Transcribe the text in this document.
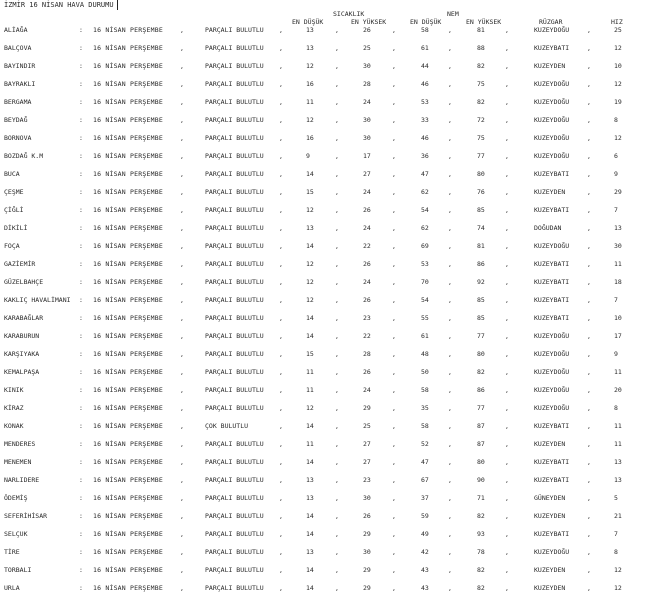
İZMİR 16 NİSAN HAVA DURUMU
SICAKLIK	NEM
EN DÜŞÜK	EN YÜKSEK	EN DÜŞÜK	EN YÜKSEK	RÜZGAR	HIZ
ALİAĞA	: 16 NİSAN PERŞEMBE	,	PARÇALI BULUTLU ,	13	,	26	,	58	,	81	,	KUZEYDOĞU	,	25
BALÇOVA	: 16 NİSAN PERŞEMBE	,	PARÇALI BULUTLU ,	13	,	25	,	61	,	88	,	KUZEYBATI	,	12
BAYINDIR	: 16 NİSAN PERŞEMBE	,	PARÇALI BULUTLU ,	12	,	30	,	44	,	82	,	KUZEYDEN	,	10
BAYRAKLI	: 16 NİSAN PERŞEMBE	,	PARÇALI BULUTLU ,	16	,	28	,	46	,	75	,	KUZEYDOĞU	,	12
BERGAMA	: 16 NİSAN PERŞEMBE	,	PARÇALI BULUTLU ,	11	,	24	,	53	,	82	,	KUZEYDOĞU	,	19
BEYDAĞ	: 16 NİSAN PERŞEMBE	,	PARÇALI BULUTLU ,	12	,	30	,	33	,	72	,	KUZEYDOĞU	,	8
BORNOVA	: 16 NİSAN PERŞEMBE	,	PARÇALI BULUTLU ,	16	,	30	,	46	,	75	,	KUZEYDOĞU	,	12
BOZDAĞ K.M	: 16 NİSAN PERŞEMBE	,	PARÇALI BULUTLU ,	9	,	17	,	36	,	77	,	KUZEYDOĞU	,	6
BUCA	: 16 NİSAN PERŞEMBE	,	PARÇALI BULUTLU ,	14	,	27	,	47	,	80	,	KUZEYBATI	,	9
ÇEŞME	: 16 NİSAN PERŞEMBE	,	PARÇALI BULUTLU ,	15	,	24	,	62	,	76	,	KUZEYDEN	,	29
ÇİĞLİ	: 16 NİSAN PERŞEMBE	,	PARÇALI BULUTLU ,	12	,	26	,	54	,	85	,	KUZEYBATI	,	7
DİKİLİ	: 16 NİSAN PERŞEMBE	,	PARÇALI BULUTLU ,	13	,	24	,	62	,	74	,	DOĞUDAN	,	13
FOÇA	: 16 NİSAN PERŞEMBE	,	PARÇALI BULUTLU ,	14	,	22	,	69	,	81	,	KUZEYDOĞU	,	30
GAZİEMİR	: 16 NİSAN PERŞEMBE	,	PARÇALI BULUTLU ,	12	,	26	,	53	,	86	,	KUZEYBATI	,	11
GÜZELBAHÇE	: 16 NİSAN PERŞEMBE	,	PARÇALI BULUTLU ,	12	,	24	,	70	,	92	,	KUZEYBATI	,	18
KAKLIÇ HAVALİMANI : 16 NİSAN PERŞEMBE	,	PARÇALI BULUTLU ,	12	,	26	,	54	,	85	,	KUZEYBATI	,	7
KARABAĞLAR	: 16 NİSAN PERŞEMBE	,	PARÇALI BULUTLU ,	14	,	23	,	55	,	85	,	KUZEYBATI	,	10
KARABURUN	: 16 NİSAN PERŞEMBE	,	PARÇALI BULUTLU ,	14	,	22	,	61	,	77	,	KUZEYDOĞU	,	17
KARŞIYAKA	: 16 NİSAN PERŞEMBE	,	PARÇALI BULUTLU ,	15	,	28	,	48	,	80	,	KUZEYDOĞU	,	9
KEMALPAŞA	: 16 NİSAN PERŞEMBE	,	PARÇALI BULUTLU ,	11	,	26	,	50	,	82	,	KUZEYDOĞU	,	11
KINIK	: 16 NİSAN PERŞEMBE	,	PARÇALI BULUTLU ,	11	,	24	,	58	,	86	,	KUZEYDOĞU	,	20
KİRAZ	: 16 NİSAN PERŞEMBE	,	PARÇALI BULUTLU ,	12	,	29	,	35	,	77	,	KUZEYDOĞU	,	8
KONAK	: 16 NİSAN PERŞEMBE	,	ÇOK BULUTLU	,	14	,	25	,	58	,	87	,	KUZEYBATI	,	11
MENDERES	: 16 NİSAN PERŞEMBE	,	PARÇALI BULUTLU ,	11	,	27	,	52	,	87	,	KUZEYDEN	,	11
MENEMEN	: 16 NİSAN PERŞEMBE	,	PARÇALI BULUTLU ,	14	,	27	,	47	,	80	,	KUZEYBATI	,	13
NARLIDERE	: 16 NİSAN PERŞEMBE	,	PARÇALI BULUTLU ,	13	,	23	,	67	,	90	,	KUZEYBATI	,	13
ÖDEMİŞ	: 16 NİSAN PERŞEMBE	,	PARÇALI BULUTLU ,	13	,	30	,	37	,	71	,	GÜNEYDEN	,	5
SEFERİHİSAR	: 16 NİSAN PERŞEMBE	,	PARÇALI BULUTLU ,	14	,	26	,	59	,	82	,	KUZEYDEN	,	21
SELÇUK	: 16 NİSAN PERŞEMBE	,	PARÇALI BULUTLU ,	14	,	29	,	49	,	93	,	KUZEYBATI	,	7
TİRE	: 16 NİSAN PERŞEMBE	,	PARÇALI BULUTLU ,	13	,	30	,	42	,	78	,	KUZEYDOĞU	,	8
TORBALI	: 16 NİSAN PERŞEMBE	,	PARÇALI BULUTLU ,	14	,	29	,	43	,	82	,	KUZEYDEN	,	12
URLA	: 16 NİSAN PERŞEMBE	,	PARÇALI BULUTLU ,	14	,	29	,	43	,	82	,	KUZEYDEN	,	12
